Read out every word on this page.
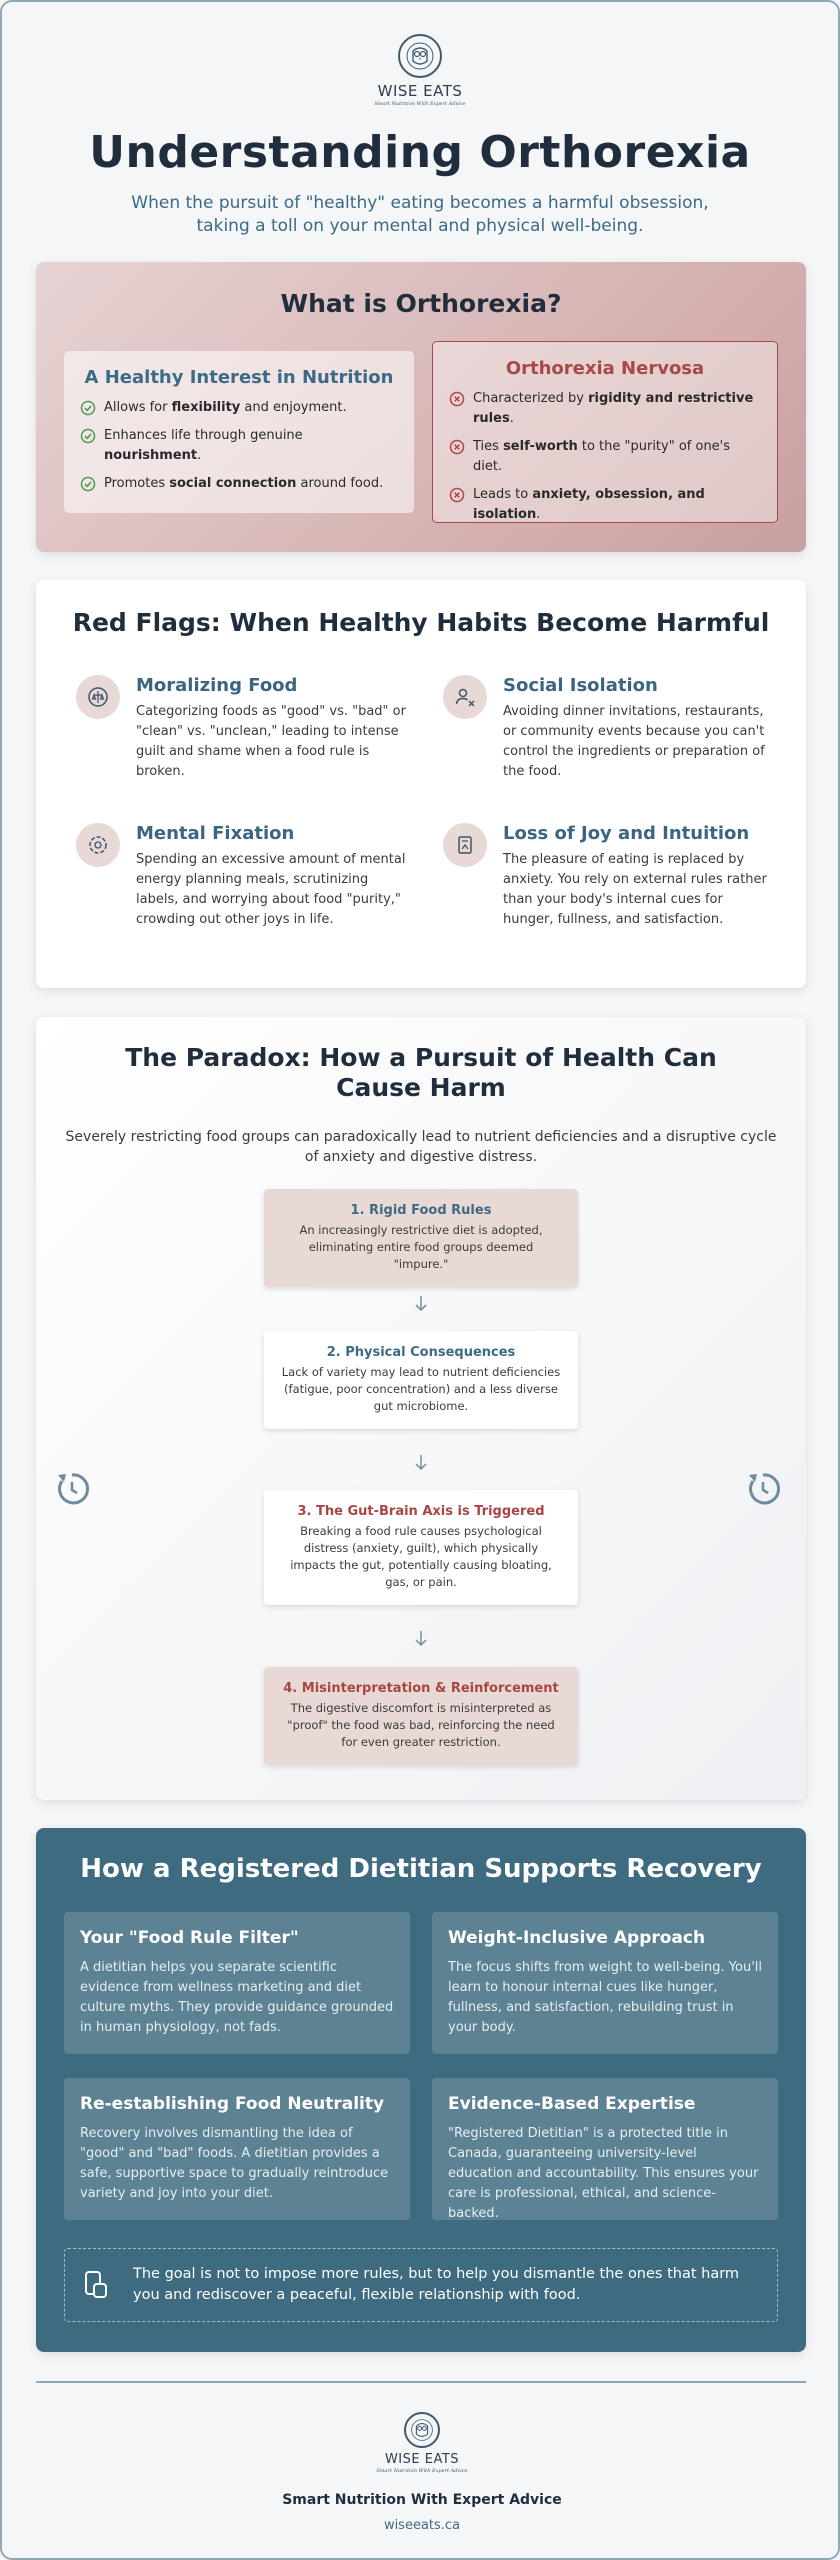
WISE EATS
Smart Nutrition With Expert Advice
Understanding Orthorexia

When the pursuit of "healthy" eating becomes a harmful obsession, taking a toll on your mental and physical well-being.

What is Orthorexia?
A Healthy Interest in Nutrition
Allows for flexibility and enjoyment.
Enhances life through genuine nourishment.
Promotes social connection around food.
Orthorexia Nervosa
Characterized by rigidity and restrictive rules.
Ties self-worth to the "purity" of one's diet.
Leads to anxiety, obsession, and isolation.
Red Flags: When Healthy Habits Become Harmful
Moralizing Food

Categorizing foods as "good" vs. "bad" or "clean" vs. "unclean," leading to intense guilt and shame when a food rule is broken.

Social Isolation

Avoiding dinner invitations, restaurants, or community events because you can't control the ingredients or preparation of the food.

Mental Fixation

Spending an excessive amount of mental energy planning meals, scrutinizing labels, and worrying about food "purity," crowding out other joys in life.

Loss of Joy and Intuition

The pleasure of eating is replaced by anxiety. You rely on external rules rather than your body's internal cues for hunger, fullness, and satisfaction.

The Paradox: How a Pursuit of Health Can Cause Harm

Severely restricting food groups can paradoxically lead to nutrient deficiencies and a disruptive cycle of anxiety and digestive distress.

1. Rigid Food Rules

An increasingly restrictive diet is adopted, eliminating entire food groups deemed "impure."

2. Physical Consequences

Lack of variety may lead to nutrient deficiencies (fatigue, poor concentration) and a less diverse gut microbiome.

3. The Gut-Brain Axis is Triggered

Breaking a food rule causes psychological distress (anxiety, guilt), which physically impacts the gut, potentially causing bloating, gas, or pain.

4. Misinterpretation & Reinforcement

The digestive discomfort is misinterpreted as "proof" the food was bad, reinforcing the need for even greater restriction.

How a Registered Dietitian Supports Recovery
Your "Food Rule Filter"

A dietitian helps you separate scientific evidence from wellness marketing and diet culture myths. They provide guidance grounded in human physiology, not fads.

Weight-Inclusive Approach

The focus shifts from weight to well-being. You'll learn to honour internal cues like hunger, fullness, and satisfaction, rebuilding trust in your body.

Re-establishing Food Neutrality

Recovery involves dismantling the idea of "good" and "bad" foods. A dietitian provides a safe, supportive space to gradually reintroduce variety and joy into your diet.

Evidence-Based Expertise

"Registered Dietitian" is a protected title in Canada, guaranteeing university-level education and accountability. This ensures your care is professional, ethical, and science-backed.

The goal is not to impose more rules, but to help you dismantle the ones that harm you and rediscover a peaceful, flexible relationship with food.

WISE EATS
Smart Nutrition With Expert Advice
Smart Nutrition With Expert Advice
wiseeats.ca
